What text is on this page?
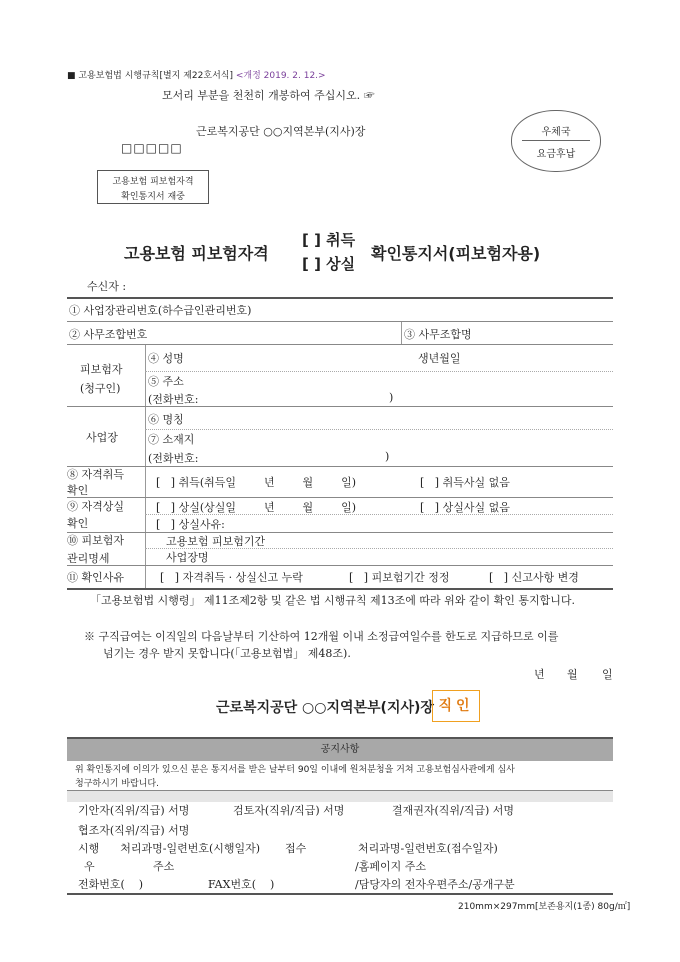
■ 고용보험법 시행규칙[별지 제22호서식] <개정 2019. 2. 12.>
모서리 부분을 천천히 개봉하여 주십시오. ☞
근로복지공단 ○○지역본부(지사)장
□□□□□
우체국
요금후납
고용보험 피보험자격
확인통지서 재중
고용보험 피보험자격
[ ] 취득
[ ] 상실
확인통지서(피보험자용)
수신자 :
① 사업장관리번호(하수급인관리번호)
② 사무조합번호	③ 사무조합명
피보험자
(청구인)
④ 성명	생년월일
⑤ 주소
(전화번호:	)
사업장
⑥ 명칭
⑦ 소재지
(전화번호:	)
⑧ 자격취득
확인
[   ] 취득(취득일        년        월        일)	[   ] 취득사실 없음
⑨ 자격상실
확인
[   ] 상실(상실일        년        월        일)	[   ] 상실사실 없음
[   ] 상실사유:
⑩ 피보험자
관리명세
고용보험 피보험기간
사업장명
⑪ 확인사유	[   ] 자격취득 · 상실신고 누락	[   ] 피보험기간 정정	[   ] 신고사항 변경
「고용보험법 시행령」 제11조제2항 및 같은 법 시행규칙 제13조에 따라 위와 같이 확인 통지합니다.
※ 구직급여는 이직일의 다음날부터 기산하여 12개월 이내 소정급여일수를 한도로 지급하므로 이를
넘기는 경우 받지 못합니다(「고용보험법」 제48조).
년 월 일
근로복지공단 ○○지역본부(지사)장 직인
공지사항
위 확인통지에 이의가 있으신 분은 통지서를 받은 날부터 90일 이내에 원처분청을 거쳐 고용보험심사관에게 심사
청구하시기 바랍니다.
기안자(직위/직급) 서명	검토자(직위/직급) 서명	결재권자(직위/직급) 서명
협조자(직위/직급) 서명
시행      처리과명-일련번호(시행일자) 접수	처리과명-일련번호(접수일자)
우	주소	/홈페이지 주소
전화번호(    )	FAX번호(    )	/담당자의 전자우편주소/공개구분
210mm×297mm[보존용지(1종) 80g/㎡]
